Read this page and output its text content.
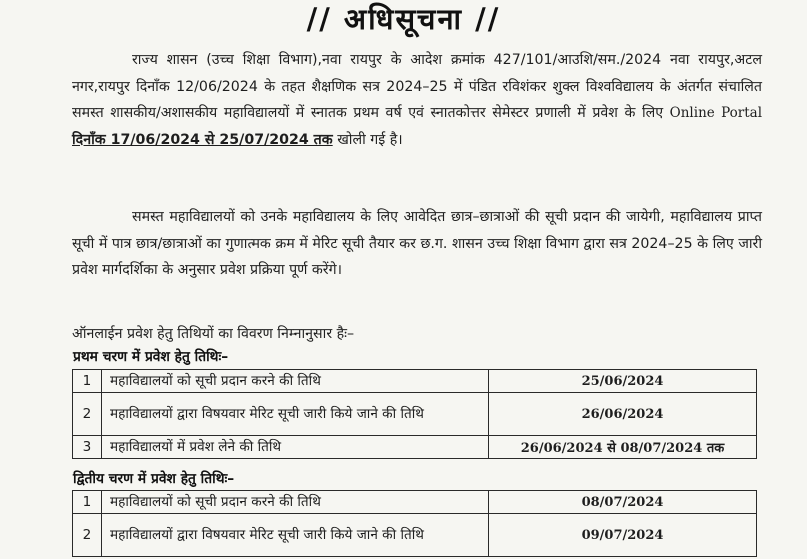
// अधिसूचना //
राज्य शासन (उच्च शिक्षा विभाग),नवा रायपुर के आदेश क्रमांक 427/101/आउशि/सम./2024 नवा रायपुर,अटल नगर,रायपुर दिनाँक 12/06/2024 के तहत शैक्षणिक सत्र 2024–25 में पंडित रविशंकर शुक्ल विश्वविद्यालय के अंतर्गत संचालित समस्त शासकीय/अशासकीय महाविद्यालयों में स्नातक प्रथम वर्ष एवं स्नातकोत्तर सेमेस्टर प्रणाली में प्रवेश के लिए Online Portal दिनाँक 17/06/2024 से 25/07/2024 तक खोली गई है।
समस्त महाविद्यालयों को उनके महाविद्यालय के लिए आवेदित छात्र–छात्राओं की सूची प्रदान की जायेगी, महाविद्यालय प्राप्त सूची में पात्र छात्र/छात्राओं का गुणात्मक क्रम में मेरिट सूची तैयार कर छ.ग. शासन उच्च शिक्षा विभाग द्वारा सत्र 2024–25 के लिए जारी प्रवेश मार्गदर्शिका के अनुसार प्रवेश प्रक्रिया पूर्ण करेंगे।
ऑनलाईन प्रवेश हेतु तिथियों का विवरण निम्नानुसार हैः–
प्रथम चरण में प्रवेश हेतु तिथिः–
1	महाविद्यालयों को सूची प्रदान करने की तिथि	25/06/2024
2	महाविद्यालयों द्वारा विषयवार मेरिट सूची जारी किये जाने की तिथि	26/06/2024
3	महाविद्यालयों में प्रवेश लेने की तिथि	26/06/2024 से 08/07/2024 तक
द्वितीय चरण में प्रवेश हेतु तिथिः–
1	महाविद्यालयों को सूची प्रदान करने की तिथि	08/07/2024
2	महाविद्यालयों द्वारा विषयवार मेरिट सूची जारी किये जाने की तिथि	09/07/2024
